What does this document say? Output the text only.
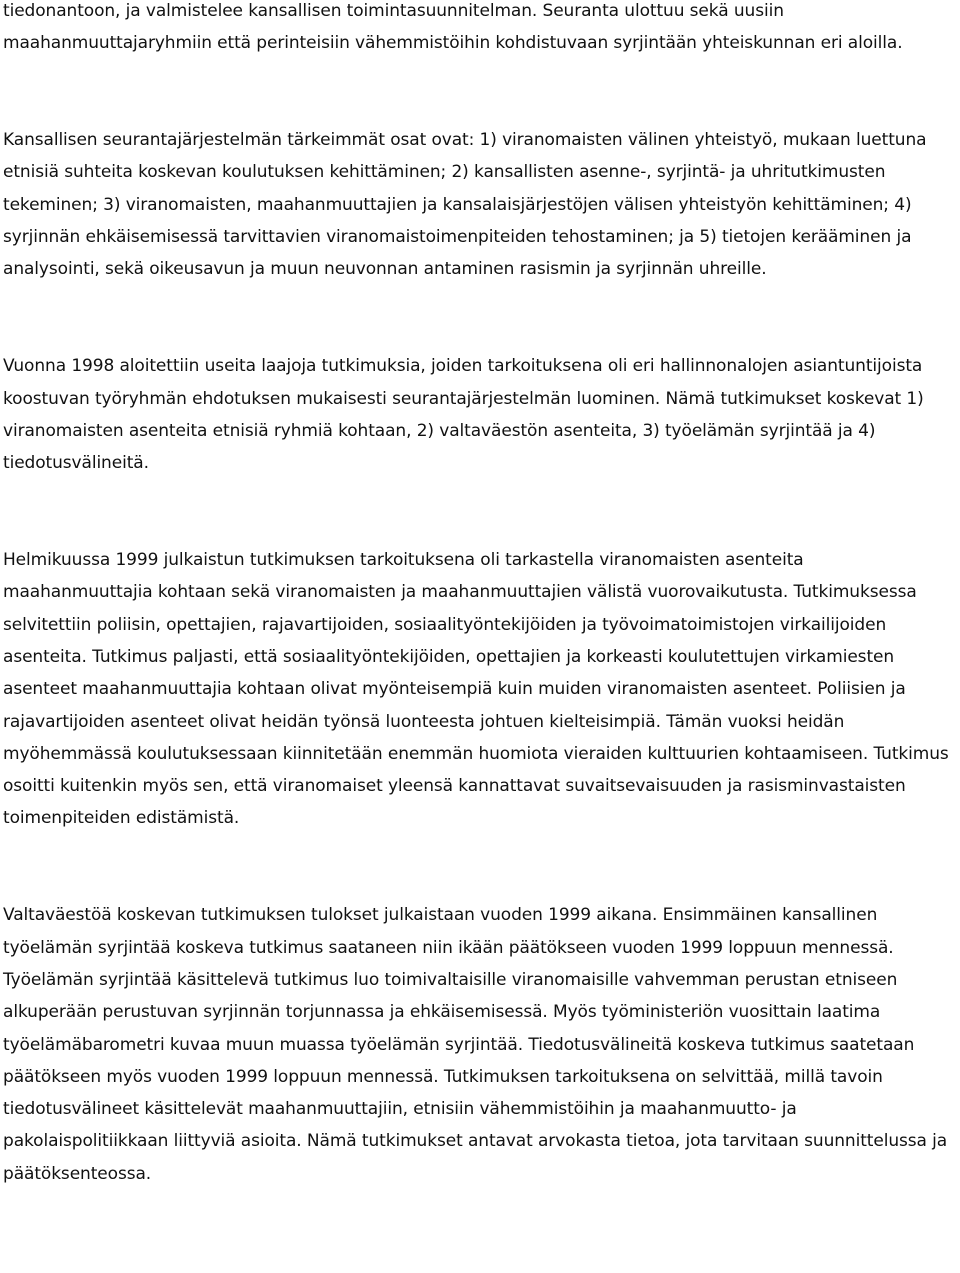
tiedonantoon, ja valmistelee kansallisen toimintasuunnitelman. Seuranta ulottuu sekä uusiin maahanmuuttajaryhmiin että perinteisiin vähemmistöihin kohdistuvaan syrjintään yhteiskunnan eri aloilla.

Kansallisen seurantajärjestelmän tärkeimmät osat ovat: 1) viranomaisten välinen yhteistyö, mukaan luettuna etnisiä suhteita koskevan koulutuksen kehittäminen; 2) kansallisten asenne-, syrjintä- ja uhritutkimusten tekeminen; 3) viranomaisten, maahanmuuttajien ja kansalaisjärjestöjen välisen yhteistyön kehittäminen; 4) syrjinnän ehkäisemisessä tarvittavien viranomaistoimenpiteiden tehostaminen; ja 5) tietojen kerääminen ja analysointi, sekä oikeusavun ja muun neuvonnan antaminen rasismin ja syrjinnän uhreille.

Vuonna 1998 aloitettiin useita laajoja tutkimuksia, joiden tarkoituksena oli eri hallinnonalojen asiantuntijoista koostuvan työryhmän ehdotuksen mukaisesti seurantajärjestelmän luominen. Nämä tutkimukset koskevat 1) viranomaisten asenteita etnisiä ryhmiä kohtaan, 2) valtaväestön asenteita, 3) työelämän syrjintää ja 4) tiedotusvälineitä.

Helmikuussa 1999 julkaistun tutkimuksen tarkoituksena oli tarkastella viranomaisten asenteita maahanmuuttajia kohtaan sekä viranomaisten ja maahanmuuttajien välistä vuorovaikutusta. Tutkimuksessa selvitettiin poliisin, opettajien, rajavartijoiden, sosiaalityöntekijöiden ja työvoimatoimistojen virkailijoiden asenteita. Tutkimus paljasti, että sosiaalityöntekijöiden, opettajien ja korkeasti koulutettujen virkamiesten asenteet maahanmuuttajia kohtaan olivat myönteisempiä kuin muiden viranomaisten asenteet. Poliisien ja rajavartijoiden asenteet olivat heidän työnsä luonteesta johtuen kielteisimpiä. Tämän vuoksi heidän myöhemmässä koulutuksessaan kiinnitetään enemmän huomiota vieraiden kulttuurien kohtaamiseen. Tutkimus osoitti kuitenkin myös sen, että viranomaiset yleensä kannattavat suvaitsevaisuuden ja rasisminvastaisten toimenpiteiden edistämistä.

Valtaväestöä koskevan tutkimuksen tulokset julkaistaan vuoden 1999 aikana. Ensimmäinen kansallinen työelämän syrjintää koskeva tutkimus saataneen niin ikään päätökseen vuoden 1999 loppuun mennessä. Työelämän syrjintää käsittelevä tutkimus luo toimivaltaisille viranomaisille vahvemman perustan etniseen alkuperään perustuvan syrjinnän torjunnassa ja ehkäisemisessä. Myös työministeriön vuosittain laatima työelämäbarometri kuvaa muun muassa työelämän syrjintää. Tiedotusvälineitä koskeva tutkimus saatetaan päätökseen myös vuoden 1999 loppuun mennessä. Tutkimuksen tarkoituksena on selvittää, millä tavoin tiedotusvälineet käsittelevät maahanmuuttajiin, etnisiin vähemmistöihin ja maahanmuutto- ja pakolaispolitiikkaan liittyviä asioita. Nämä tutkimukset antavat arvokasta tietoa, jota tarvitaan suunnittelussa ja päätöksenteossa.
